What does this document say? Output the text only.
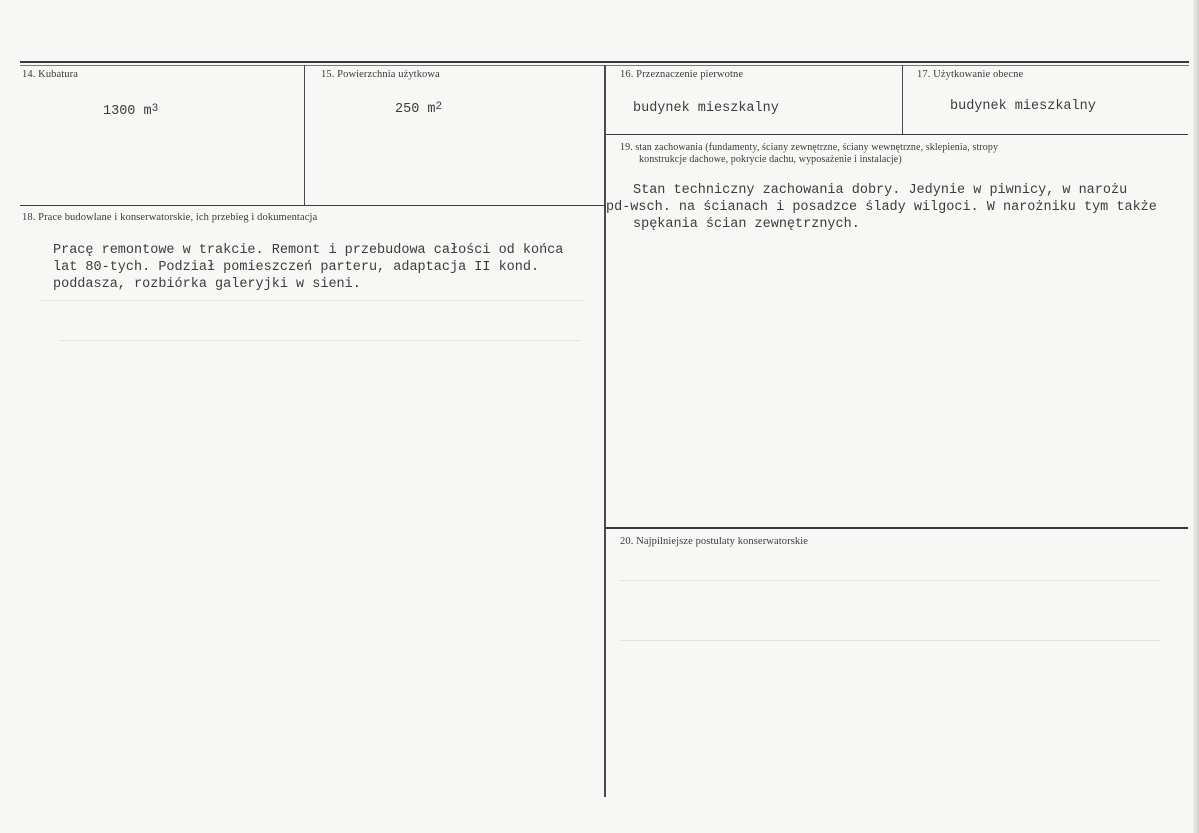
14. Kubatura
1300 $m^3$
15. Powierzchnia użytkowa
250 $m^2$
16. Przeznaczenie pierwotne
budynek mieszkalny
17. Użytkowanie obecne
budynek mieszkalny
18. Prace budowlane i konserwatorskie, ich przebieg i dokumentacja
Pracę remontowe w trakcie. Remont i przebudowa całości od końca
lat 80-tych. Podział pomieszczeń parteru, adaptacja II kond.
poddasza, rozbiórka galeryjki w sieni.
19. stan zachowania (fundamenty, ściany zewnętrzne, ściany wewnętrzne, sklepienia, stropy
konstrukcje dachowe, pokrycie dachu, wyposażenie i instalacje)
Stan techniczny zachowania dobry. Jedynie w piwnicy, w narożu
pd-wsch. na ścianach i posadzce ślady wilgoci. W narożniku tym także
spękania ścian zewnętrznych.
20. Najpilniejsze postulaty konserwatorskie
